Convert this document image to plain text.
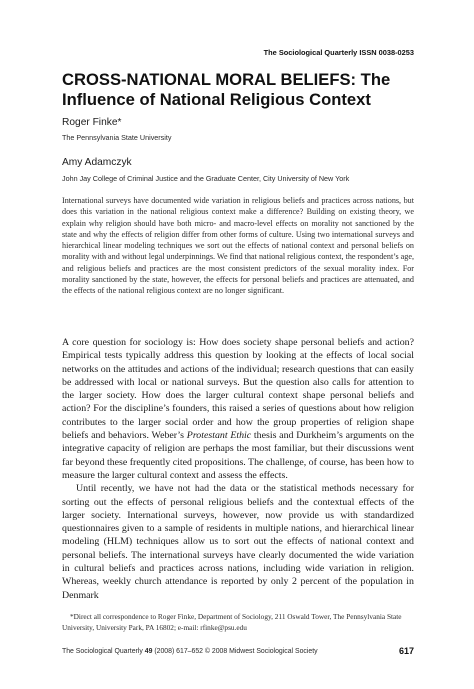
The Sociological Quarterly ISSN 0038-0253
CROSS-NATIONAL MORAL BELIEFS: The Influence of National Religious Context
Roger Finke*
The Pennsylvania State University
Amy Adamczyk
John Jay College of Criminal Justice and the Graduate Center, City University of New York
International surveys have documented wide variation in religious beliefs and practices across nations, but does this variation in the national religious context make a difference? Building on existing theory, we explain why religion should have both micro- and macro-level effects on morality not sanctioned by the state and why the effects of religion differ from other forms of culture. Using two international surveys and hierarchical linear modeling techniques we sort out the effects of national context and personal beliefs on morality with and without legal underpinnings. We find that national religious context, the respondent’s age, and religious beliefs and practices are the most consistent predictors of the sexual morality index. For morality sanctioned by the state, however, the effects for personal beliefs and practices are attenuated, and the effects of the national religious context are no longer significant.

A core question for sociology is: How does society shape personal beliefs and action? Empirical tests typically address this question by looking at the effects of local social networks on the attitudes and actions of the individual; research questions that can easily be addressed with local or national surveys. But the question also calls for attention to the larger society. How does the larger cultural context shape personal beliefs and action? For the discipline’s founders, this raised a series of questions about how religion contributes to the larger social order and how the group properties of religion shape beliefs and behaviors. Weber’s Protestant Ethic thesis and Durkheim’s arguments on the integrative capacity of religion are perhaps the most familiar, but their discussions went far beyond these frequently cited propositions. The challenge, of course, has been how to measure the larger cultural context and assess the effects.

Until recently, we have not had the data or the statistical methods necessary for sorting out the effects of personal religious beliefs and the contextual effects of the larger society. International surveys, however, now provide us with standardized questionnaires given to a sample of residents in multiple nations, and hierarchical linear modeling (HLM) techniques allow us to sort out the effects of national context and personal beliefs. The international surveys have clearly documented the wide variation in cultural beliefs and practices across nations, including wide variation in religion. Whereas, weekly church attendance is reported by only 2 percent of the population in Denmark

*Direct all correspondence to Roger Finke, Department of Sociology, 211 Oswald Tower, The Pennsylvania State University, University Park, PA 16802; e-mail: rfinke@psu.edu
The Sociological Quarterly 49 (2008) 617–652 © 2008 Midwest Sociological Society	617
